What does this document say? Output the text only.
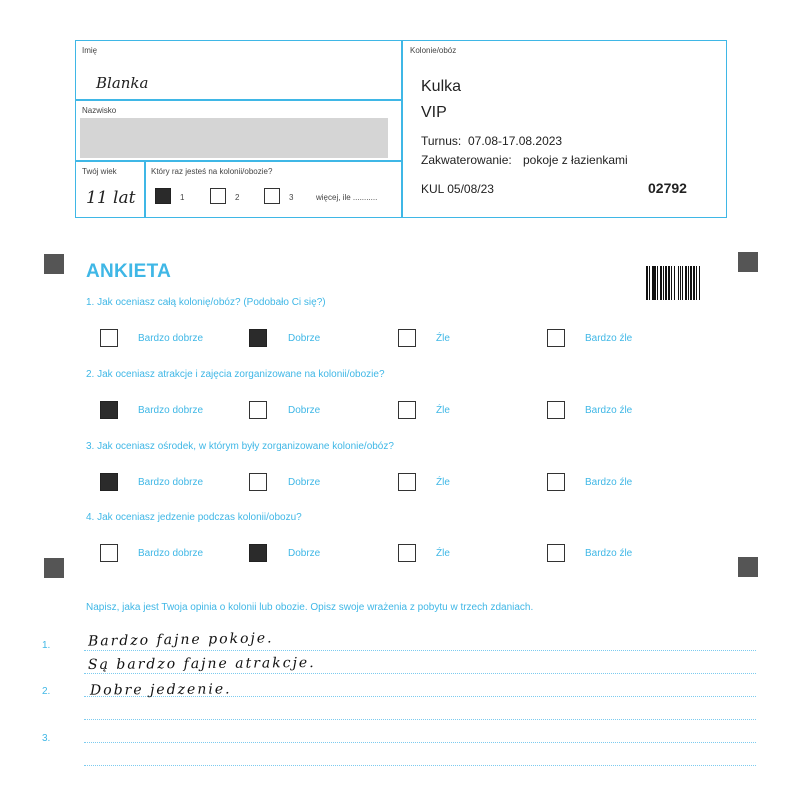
Imię
Blanka
Nazwisko
Twój wiek
11 lat
Który raz jesteś na kolonii/obozie?
1	2	3	więcej, ile ...........
Kolonie/obóz
Kulka
VIP
Turnus: 07.08-17.08.2023
Zakwaterowanie: pokoje z łazienkami
KUL 05/08/23	02792
ANKIETA
1. Jak oceniasz całą kolonię/obóz? (Podobało Ci się?)
Bardzo dobrze	Dobrze	Źle	Bardzo źle
2. Jak oceniasz atrakcje i zajęcia zorganizowane na kolonii/obozie?
Bardzo dobrze	Dobrze	Źle	Bardzo źle
3. Jak oceniasz ośrodek, w którym były zorganizowane kolonie/obóz?
Bardzo dobrze	Dobrze	Źle	Bardzo źle
4. Jak oceniasz jedzenie podczas kolonii/obozu?
Bardzo dobrze	Dobrze	Źle	Bardzo źle
Napisz, jaka jest Twoja opinia o kolonii lub obozie. Opisz swoje wrażenia z pobytu w trzech zdaniach.
1.
2.
3.
Bardzo fajne pokoje.
Są bardzo fajne atrakcje.
Dobre jedzenie.
